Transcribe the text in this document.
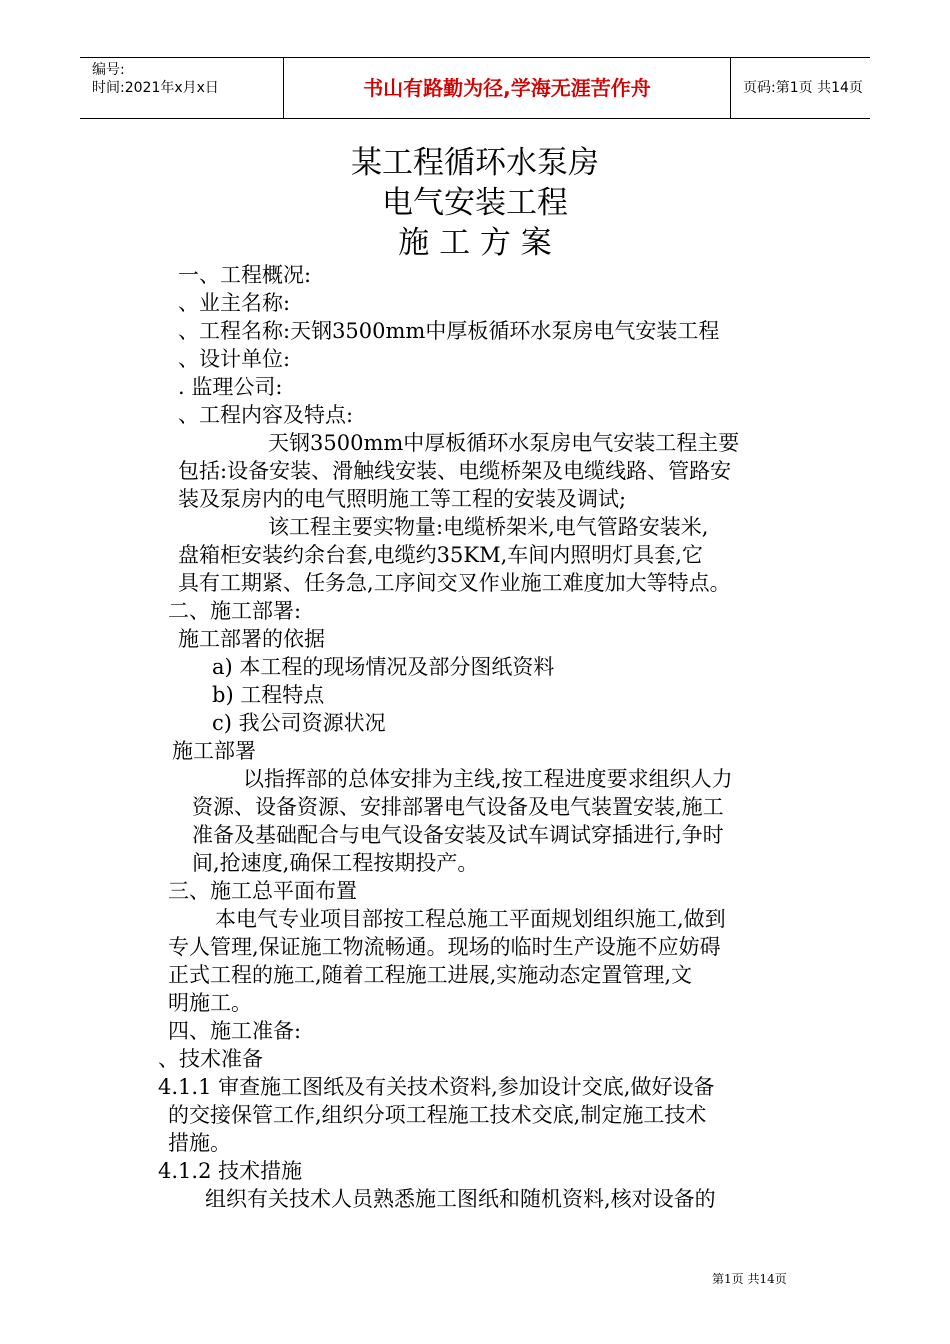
编号:
时间:2021年x月x日	书山有路勤为径,学海无涯苦作舟	页码:第1页 共14页
某工程循环水泵房
电气安装工程
施 工 方 案
一、工程概况:
、业主名称:
、工程名称:天钢3500mm中厚板循环水泵房电气安装工程
、设计单位:
. 监理公司:
、工程内容及特点:
天钢3500mm中厚板循环水泵房电气安装工程主要
包括:设备安装、滑触线安装、电缆桥架及电缆线路、管路安
装及泵房内的电气照明施工等工程的安装及调试;
该工程主要实物量:电缆桥架米,电气管路安装米,
盘箱柜安装约余台套,电缆约35KM,车间内照明灯具套,它
具有工期紧、任务急,工序间交叉作业施工难度加大等特点。
二、施工部署:
施工部署的依据
a) 本工程的现场情况及部分图纸资料
b) 工程特点
c) 我公司资源状况
施工部署
以指挥部的总体安排为主线,按工程进度要求组织人力
资源、设备资源、安排部署电气设备及电气装置安装,施工
准备及基础配合与电气设备安装及试车调试穿插进行,争时
间,抢速度,确保工程按期投产。
三、施工总平面布置
本电气专业项目部按工程总施工平面规划组织施工,做到
专人管理,保证施工物流畅通。现场的临时生产设施不应妨碍
正式工程的施工,随着工程施工进展,实施动态定置管理,文
明施工。
四、施工准备:
、技术准备
4.1.1 审查施工图纸及有关技术资料,参加设计交底,做好设备
的交接保管工作,组织分项工程施工技术交底,制定施工技术
措施。
4.1.2 技术措施
组织有关技术人员熟悉施工图纸和随机资料,核对设备的
第1页 共14页
